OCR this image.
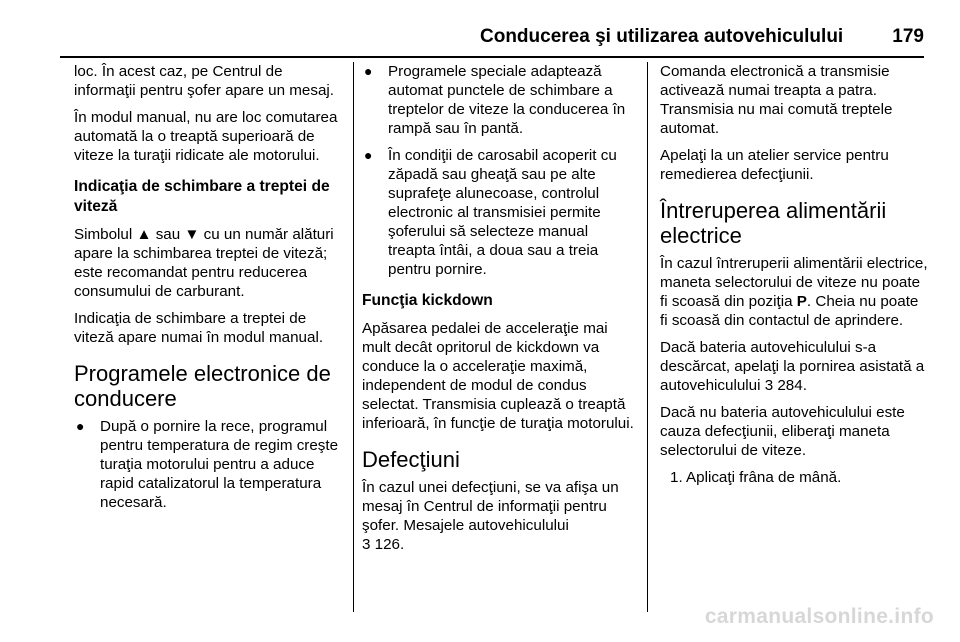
Conducerea şi utilizarea autovehiculului	179

loc. În acest caz, pe Centrul de informaţii pentru şofer apare un mesaj.

În modul manual, nu are loc comutarea automată la o treaptă superioară de viteze la turaţii ridicate ale motorului.

Indicaţia de schimbare a treptei de viteză

Simbolul ▲ sau ▼ cu un număr alături apare la schimbarea treptei de viteză; este recomandat pentru reducerea consumului de carburant.

Indicaţia de schimbare a treptei de viteză apare numai în modul manual.

Programele electronice de conducere
●	După o pornire la rece, programul pentru temperatura de regim creşte turaţia motorului pentru a aduce rapid catalizatorul la temperatura necesară.
●	Programele speciale adaptează automat punctele de schimbare a treptelor de viteze la conducerea în rampă sau în pantă.
●	În condiţii de carosabil acoperit cu zăpadă sau gheaţă sau pe alte suprafeţe alunecoase, controlul electronic al transmisiei permite şoferului să selecteze manual treapta întâi, a doua sau a treia pentru pornire.
Funcţia kickdown

Apăsarea pedalei de acceleraţie mai mult decât opritorul de kickdown va conduce la o acceleraţie maximă, independent de modul de condus selectat. Transmisia cuplează o treaptă inferioară, în funcţie de turaţia motorului.

Defecţiuni

În cazul unei defecţiuni, se va afişa un mesaj în Centrul de informaţii pentru şofer. Mesajele autovehiculului
3 126.

Comanda electronică a transmisie activează numai treapta a patra. Transmisia nu mai comută treptele automat.

Apelaţi la un atelier service pentru remedierea defecţiunii.

Întreruperea alimentării electrice

În cazul întreruperii alimentării electrice, maneta selectorului de viteze nu poate fi scoasă din poziţia P. Cheia nu poate fi scoasă din contactul de aprindere.

Dacă bateria autovehiculului s-a descărcat, apelaţi la pornirea asistată a autovehiculului 3 284.

Dacă nu bateria autovehiculului este cauza defecţiunii, eliberaţi maneta selectorului de viteze.

1. Aplicaţi frâna de mână.
carmanualsonline.info
